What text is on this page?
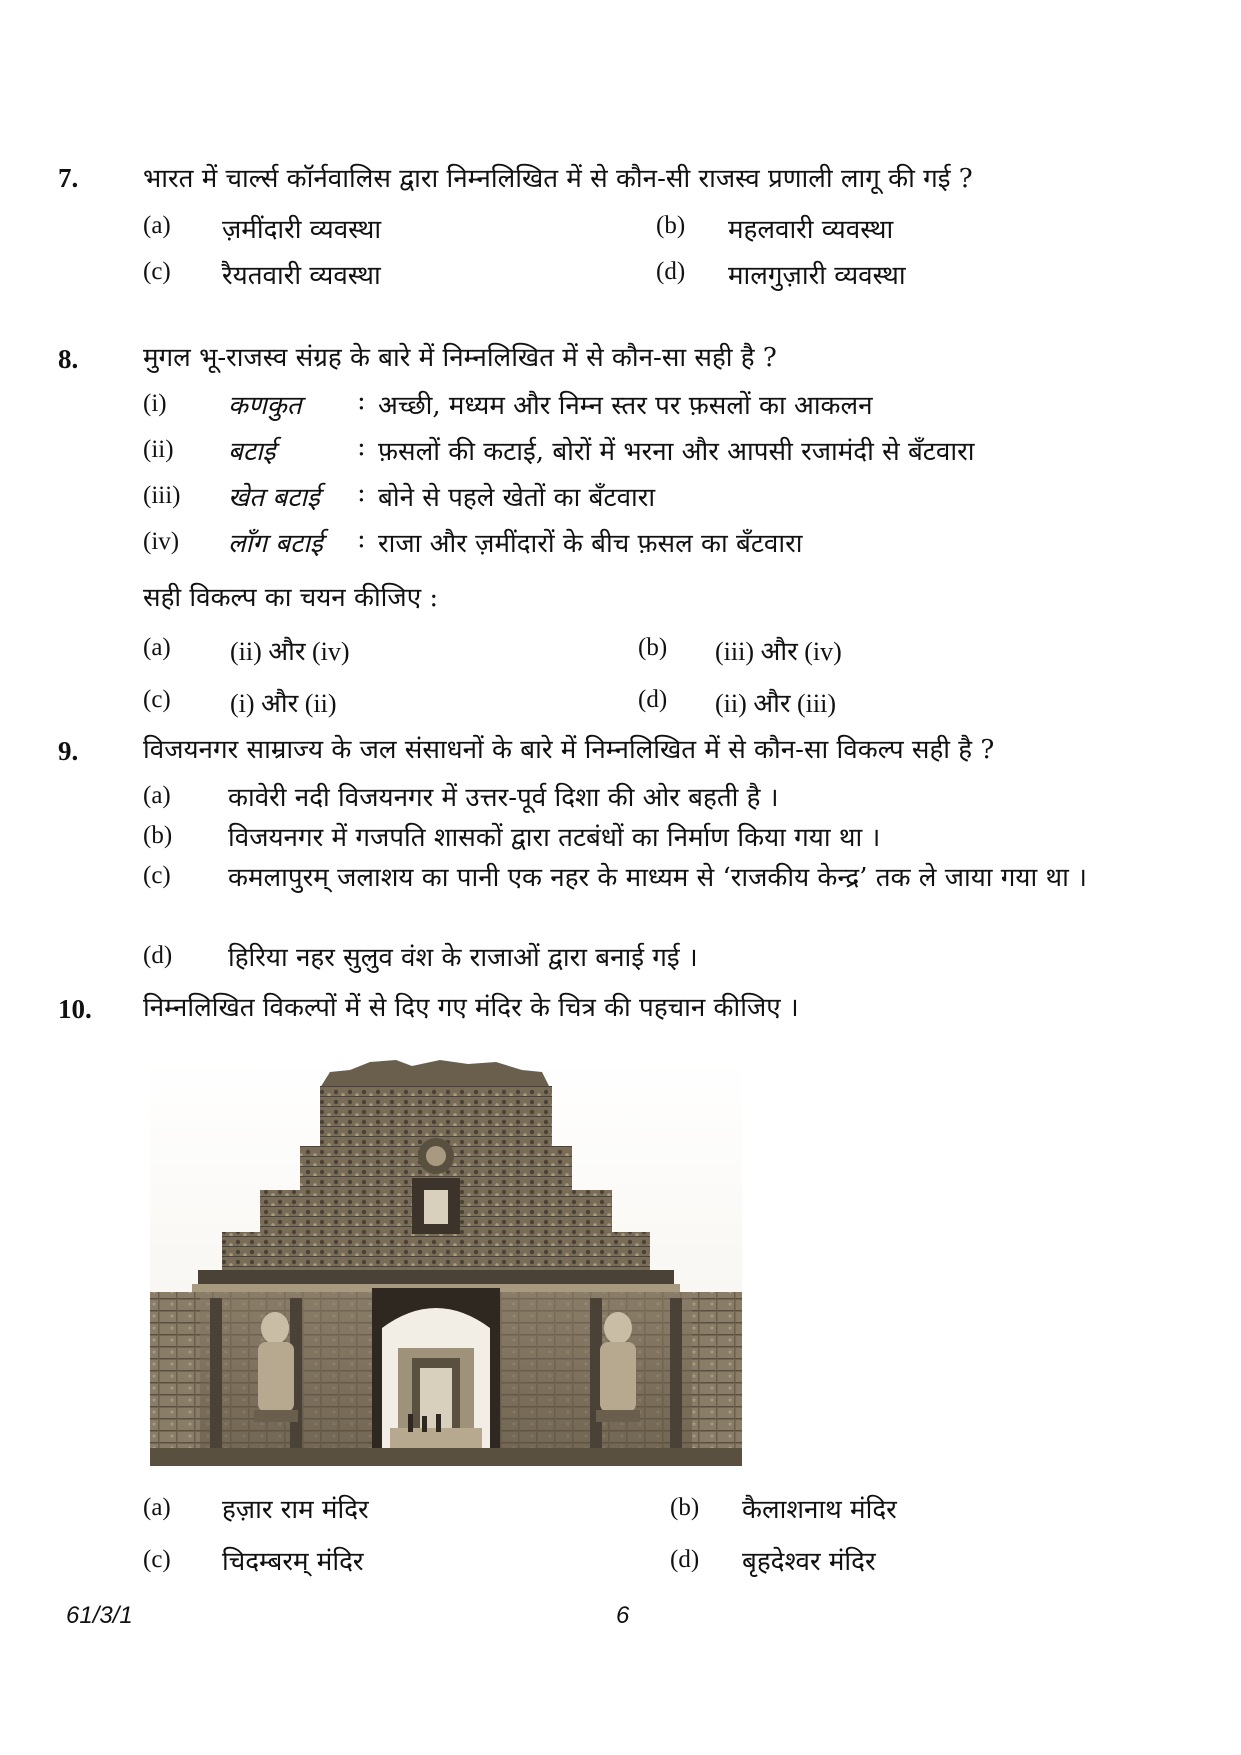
7. भारत में चार्ल्स कॉर्नवालिस द्वारा निम्नलिखित में से कौन-सी राजस्व प्रणाली लागू की गई ?
(a) ज़मींदारी व्यवस्था	(b) महलवारी व्यवस्था
(c) रैयतवारी व्यवस्था	(d) मालगुज़ारी व्यवस्था
8. मुगल भू-राजस्व संग्रह के बारे में निम्नलिखित में से कौन-सा सही है ?
(i) कणकुत : अच्छी, मध्यम और निम्न स्तर पर फ़सलों का आकलन
(ii) बटाई	: फ़सलों की कटाई, बोरों में भरना और आपसी रजामंदी से बँटवारा
(iii) खेत बटाई : बोने से पहले खेतों का बँटवारा
(iv) लाँग बटाई : राजा और ज़मींदारों के बीच फ़सल का बँटवारा
सही विकल्प का चयन कीजिए :
(a) (ii) और (iv)	(b) (iii) और (iv)
(c) (i) और (ii)	(d) (ii) और (iii)
9. विजयनगर साम्राज्य के जल संसाधनों के बारे में निम्नलिखित में से कौन-सा विकल्प सही है ?
(a) कावेरी नदी विजयनगर में उत्तर-पूर्व दिशा की ओर बहती है ।
(b) विजयनगर में गजपति शासकों द्वारा तटबंधों का निर्माण किया गया था ।
(c) कमलापुरम् जलाशय का पानी एक नहर के माध्यम से ‘राजकीय केन्द्र’ तक ले जाया गया था ।
(d) हिरिया नहर सुलुव वंश के राजाओं द्वारा बनाई गई ।
10. निम्नलिखित विकल्पों में से दिए गए मंदिर के चित्र की पहचान कीजिए ।
(a) हज़ार राम मंदिर	(b) कैलाशनाथ मंदिर
(c) चिदम्बरम् मंदिर	(d) बृहदेश्वर मंदिर
61/3/1	6
